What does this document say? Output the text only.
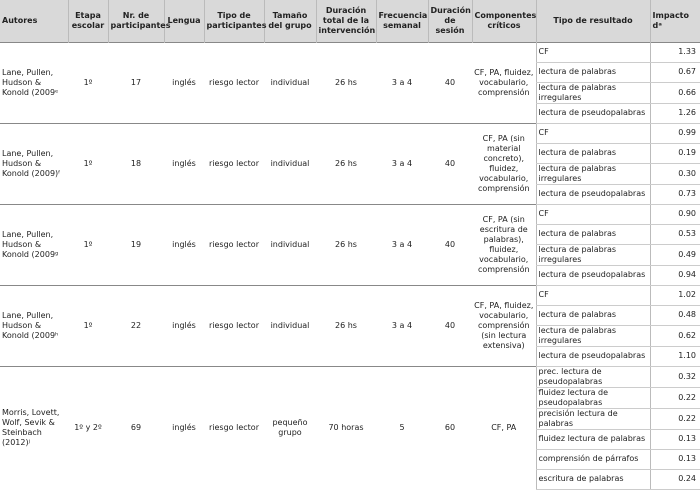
Autores	Etapa escolar	Nr. de participantes	Lengua	Tipo de participantes	Tamaño del grupo	Duración total de la intervención	Frecuencia semanal	Duración de sesión	Componentes críticos	Tipo de resultado	Impacto dᵃ
Lane, Pullen, Hudson & Konold (2009ᵉ	1º	17	inglés	riesgo lector	individual	26 hs	3 a 4	40	CF, PA, fluidez, vocabulario, comprensión	CF	1.33
										lectura de palabras	0.67
										lectura de palabras irregulares	0.66
										lectura de pseudopalabras	1.26
Lane, Pullen, Hudson & Konold (2009)ᶠ	1º	18	inglés	riesgo lector	individual	26 hs	3 a 4	40	CF, PA (sin material concreto), fluidez, vocabulario, comprensión	CF	0.99
										lectura de palabras	0.19
										lectura de palabras irregulares	0.30
										lectura de pseudopalabras	0.73
Lane, Pullen, Hudson & Konold (2009ᵍ	1º	19	inglés	riesgo lector	individual	26 hs	3 a 4	40	CF, PA (sin escritura de palabras), fluidez, vocabulario, comprensión	CF	0.90
										lectura de palabras	0.53
										lectura de palabras irregulares	0.49
										lectura de pseudopalabras	0.94
Lane, Pullen, Hudson & Konold (2009ʰ	1º	22	inglés	riesgo lector	individual	26 hs	3 a 4	40	CF, PA, fluidez, vocabulario, comprensión (sin lectura extensiva)	CF	1.02
										lectura de palabras	0.48
										lectura de palabras irregulares	0.62
										lectura de pseudopalabras	1.10
Morris, Lovett, Wolf, Sevik & Steinbach (2012)ʲ	1º y 2º	69	inglés	riesgo lector	pequeño grupo	70 horas	5	60	CF, PA	prec. lectura de pseudopalabras	0.32
										fluidez lectura de pseudopalabras	0.22
										precisión lectura de palabras	0.22
										fluidez lectura de palabras	0.13
										comprensión de párrafos	0.13
										escritura de palabras	0.24
